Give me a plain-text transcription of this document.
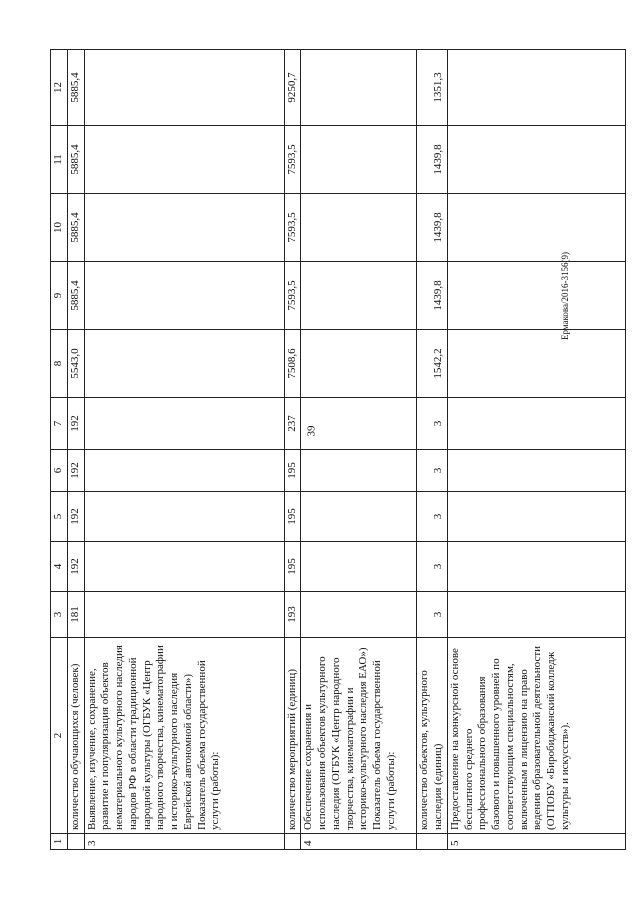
39
Ермакова/2016-3156(9)
1	2	3	4	5	6	7	8	9	10	11	12
	количество обучающихся (человек)	181	192	192	192	192	5543,0	5885,4	5885,4	5885,4	5885,4
3	Выявление, изучение, сохранение, развитие и популяризация объектов нематериального культурного наследия народов РФ в области традиционной народной культуры (ОГБУК «Центр народного творчества, кинематографии и историко-культурного наследия Еврейской автономной области»)
Показатель объема государственной услуги (работы):										
	количество мероприятий (единиц)	193	195	195	195	237	7508,6	7593,5	7593,5	7593,5	9250,7
4	Обеспечение сохранения и использования объектов культурного наследия (ОГБУК «Центр народного творчества, кинематографии и историко-культурного наследия ЕАО»)
Показатель объема государственной услуги (работы):										
	количество объектов, культурного наследия (единиц)	3	3	3	3	3	1542,2	1439,8	1439,8	1439,8	1351,3
5	Предоставление на конкурсной основе бесплатного среднего профессионального образования базового и повышенного уровней по соответствующим специальностям, включенным в лицензию на право ведения образовательной деятельности (ОГПОБУ «Биробиджанский колледж культуры и искусств»).										
